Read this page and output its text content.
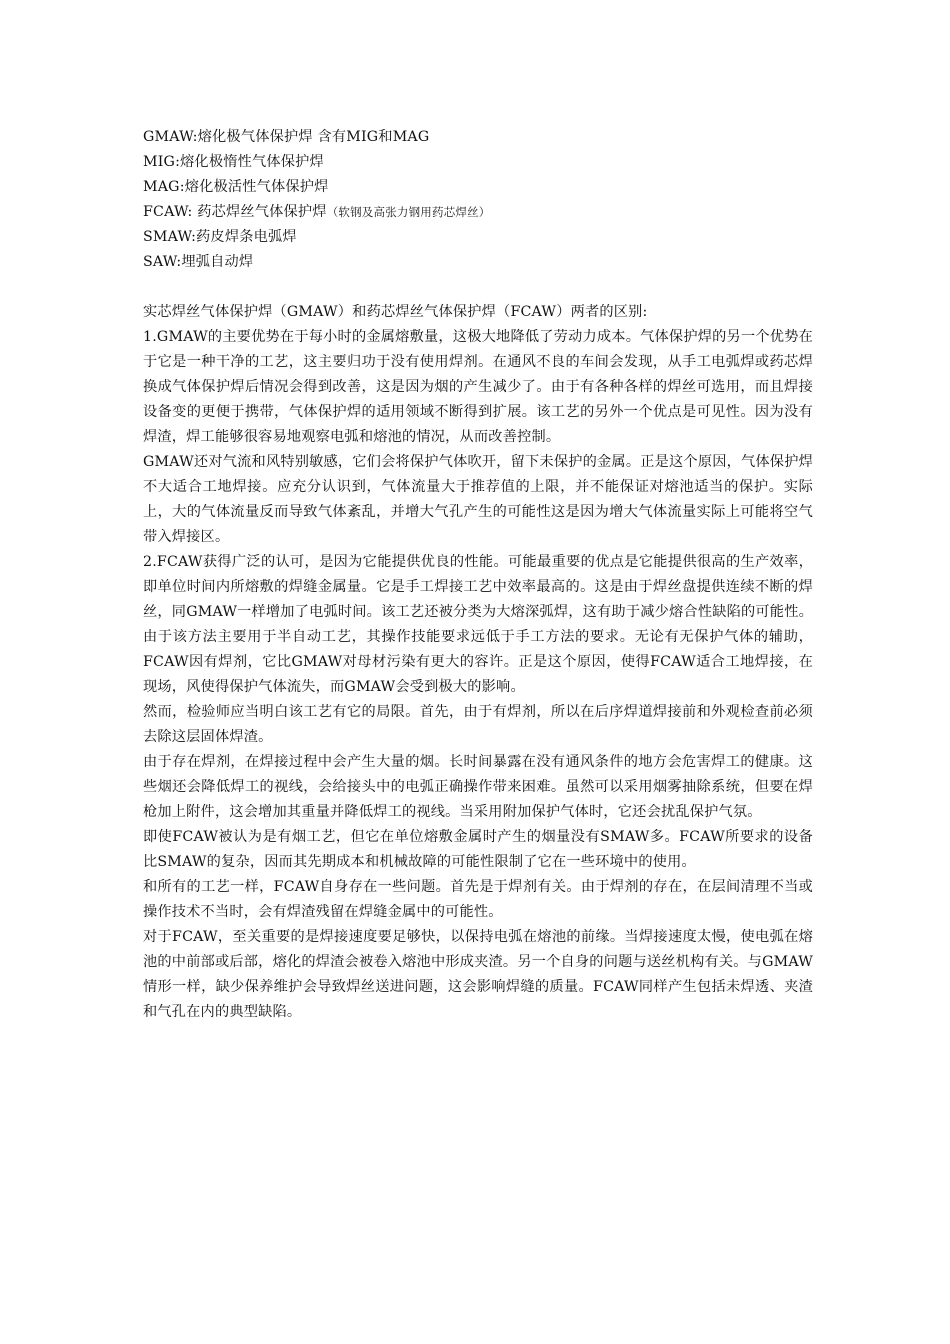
GMAW:熔化极气体保护焊 含有MIG和MAG

MIG:熔化极惰性气体保护焊

MAG:熔化极活性气体保护焊

FCAW: 药芯焊丝气体保护焊（软钢及高张力钢用药芯焊丝）

SMAW:药皮焊条电弧焊

SAW:埋弧自动焊

实芯焊丝气体保护焊（GMAW）和药芯焊丝气体保护焊（FCAW）两者的区别:

1.GMAW的主要优势在于每小时的金属熔敷量，这极大地降低了劳动力成本。气体保护焊的另一个优势在于它是一种干净的工艺，这主要归功于没有使用焊剂。在通风不良的车间会发现，从手工电弧焊或药芯焊换成气体保护焊后情况会得到改善，这是因为烟的产生减少了。由于有各种各样的焊丝可选用，而且焊接设备变的更便于携带，气体保护焊的适用领域不断得到扩展。该工艺的另外一个优点是可见性。因为没有焊渣，焊工能够很容易地观察电弧和熔池的情况，从而改善控制。

GMAW还对气流和风特别敏感，它们会将保护气体吹开，留下未保护的金属。正是这个原因，气体保护焊不大适合工地焊接。应充分认识到，气体流量大于推荐值的上限，并不能保证对熔池适当的保护。实际上，大的气体流量反而导致气体紊乱，并增大气孔产生的可能性这是因为增大气体流量实际上可能将空气带入焊接区。

2.FCAW获得广泛的认可，是因为它能提供优良的性能。可能最重要的优点是它能提供很高的生产效率，即单位时间内所熔敷的焊缝金属量。它是手工焊接工艺中效率最高的。这是由于焊丝盘提供连续不断的焊丝，同GMAW一样增加了电弧时间。该工艺还被分类为大熔深弧焊，这有助于减少熔合性缺陷的可能性。由于该方法主要用于半自动工艺，其操作技能要求远低于手工方法的要求。无论有无保护气体的辅助，FCAW因有焊剂，它比GMAW对母材污染有更大的容许。正是这个原因，使得FCAW适合工地焊接，在现场，风使得保护气体流失，而GMAW会受到极大的影响。

然而，检验师应当明白该工艺有它的局限。首先，由于有焊剂，所以在后序焊道焊接前和外观检查前必须去除这层固体焊渣。

由于存在焊剂，在焊接过程中会产生大量的烟。长时间暴露在没有通风条件的地方会危害焊工的健康。这些烟还会降低焊工的视线，会给接头中的电弧正确操作带来困难。虽然可以采用烟雾抽除系统，但要在焊枪加上附件，这会增加其重量并降低焊工的视线。当采用附加保护气体时，它还会扰乱保护气氛。

即使FCAW被认为是有烟工艺，但它在单位熔敷金属时产生的烟量没有SMAW多。FCAW所要求的设备比SMAW的复杂，因而其先期成本和机械故障的可能性限制了它在一些环境中的使用。

和所有的工艺一样，FCAW自身存在一些问题。首先是于焊剂有关。由于焊剂的存在，在层间清理不当或操作技术不当时，会有焊渣残留在焊缝金属中的可能性。

对于FCAW，至关重要的是焊接速度要足够快，以保持电弧在熔池的前缘。当焊接速度太慢，使电弧在熔池的中前部或后部，熔化的焊渣会被卷入熔池中形成夹渣。另一个自身的问题与送丝机构有关。与GMAW情形一样，缺少保养维护会导致焊丝送进问题，这会影响焊缝的质量。FCAW同样产生包括未焊透、夹渣和气孔在内的典型缺陷。
